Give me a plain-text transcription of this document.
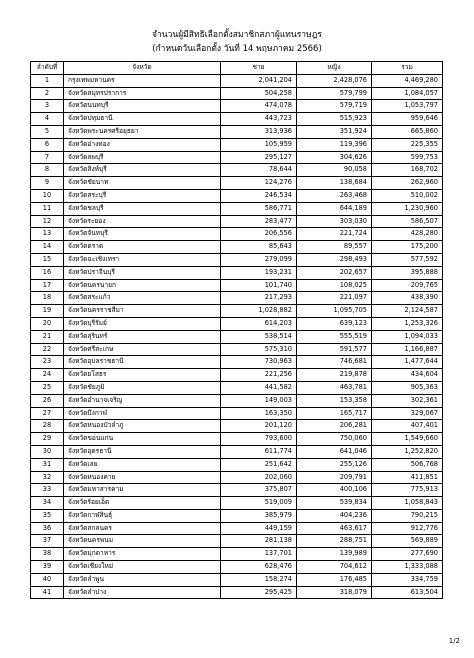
จำนวนผู้มีสิทธิเลือกตั้งสมาชิกสภาผู้แทนราษฎร
(กำหนดวันเลือกตั้ง วันที่ 14 พฤษภาคม 2566)
ลำดับที่	จังหวัด	ชาย	หญิง	รวม
1	กรุงเทพมหานคร	2,041,204	2,428,076	4,469,280
2	จังหวัดสมุทรปราการ	504,258	579,799	1,084,057
3	จังหวัดนนทบุรี	474,078	579,719	1,053,797
4	จังหวัดปทุมธานี	443,723	515,923	959,646
5	จังหวัดพระนครศรีอยุธยา	313,936	351,924	665,860
6	จังหวัดอ่างทอง	105,959	119,396	225,355
7	จังหวัดลพบุรี	295,127	304,626	599,753
8	จังหวัดสิงห์บุรี	78,644	90,058	168,702
9	จังหวัดชัยนาท	124,276	138,684	262,960
10	จังหวัดสระบุรี	246,534	263,468	510,002
11	จังหวัดชลบุรี	586,771	644,189	1,230,960
12	จังหวัดระยอง	283,477	303,030	586,507
13	จังหวัดจันทบุรี	206,556	221,724	428,280
14	จังหวัดตราด	85,643	89,557	175,200
15	จังหวัดฉะเชิงเทรา	279,099	298,493	577,592
16	จังหวัดปราจีนบุรี	193,231	202,657	395,888
17	จังหวัดนครนายก	101,740	108,025	209,765
18	จังหวัดสระแก้ว	217,293	221,097	438,390
19	จังหวัดนครราชสีมา	1,028,882	1,095,705	2,124,587
20	จังหวัดบุรีรัมย์	614,203	639,123	1,253,326
21	จังหวัดสุรินทร์	538,514	555,519	1,094,033
22	จังหวัดศรีสะเกษ	575,310	591,577	1,166,887
23	จังหวัดอุบลราชธานี	730,963	746,681	1,477,644
24	จังหวัดยโสธร	221,256	219,878	434,604
25	จังหวัดชัยภูมิ	441,582	463,781	905,363
26	จังหวัดอำนาจเจริญ	149,003	153,358	302,361
27	จังหวัดบึงกาฬ	163,350	165,717	329,067
28	จังหวัดหนองบัวลำภู	201,120	206,281	407,401
29	จังหวัดขอนแก่น	793,600	750,060	1,549,660
30	จังหวัดอุดรธานี	611,774	641,046	1,252,820
31	จังหวัดเลย	251,642	255,126	506,768
32	จังหวัดหนองคาย	202,060	209,791	411,851
33	จังหวัดมหาสารคาม	375,807	400,106	775,913
34	จังหวัดร้อยเอ็ด	519,009	539,834	1,058,843
35	จังหวัดกาฬสินธุ์	385,979	404,236	790,215
36	จังหวัดสกลนคร	449,159	463,617	912,776
37	จังหวัดนครพนม	281,138	288,751	569,889
38	จังหวัดมุกดาหาร	137,701	139,989	277,690
39	จังหวัดเชียงใหม่	628,476	704,612	1,333,088
40	จังหวัดลำพูน	158,274	176,485	334,759
41	จังหวัดลำปาง	295,425	318,079	613,504
1/2
